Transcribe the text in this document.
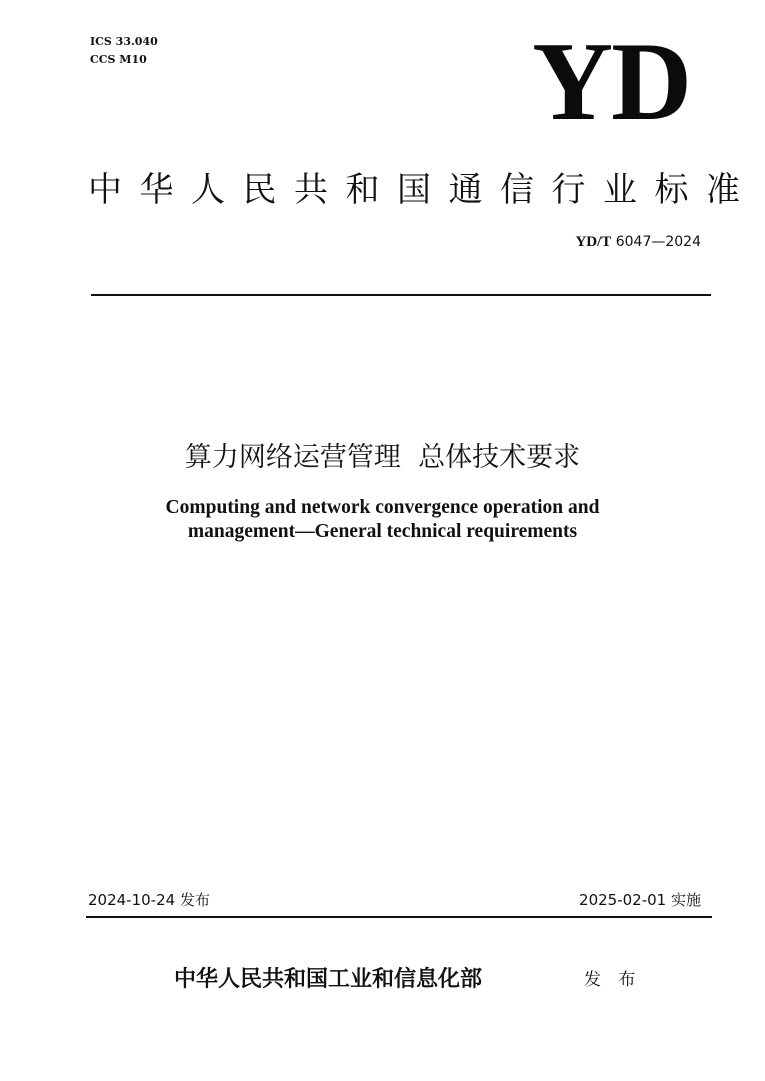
ICS 33.040
CCS M10	YD
中华人民共和国通信行业标准
YD/T 6047—2024
算力网络运营管理  总体技术要求
Computing and network convergence operation and
management—General technical requirements
2024-10-24 发布	2025-02-01 实施
中华人民共和国工业和信息化部	发 布
